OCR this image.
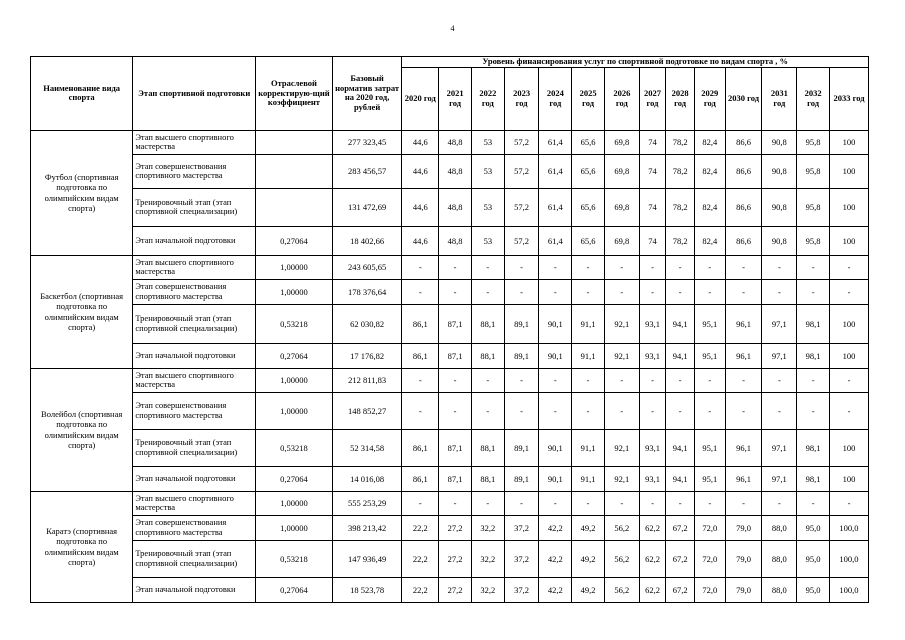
4
Наименование вида спорта	Этап спортивной подготовки	Отраслевой корректирую-щий коэффициент	Базовый норматив затрат на 2020 год, рублей	Уровень финансирования услуг по спортивной подготовке по видам спорта , %													
				2020 год	2021 год	2022 год	2023 год	2024 год	2025 год	2026 год	2027 год	2028 год	2029 год	2030 год	2031 год	2032 год	2033 год
Футбол (спортивная подготовка по олимпийским видам спорта)	Этап высшего спортивного мастерства		277 323,45	44,6	48,8	53	57,2	61,4	65,6	69,8	74	78,2	82,4	86,6	90,8	95,8	100
	Этап совершенствования спортивного мастерства		283 456,57	44,6	48,8	53	57,2	61,4	65,6	69,8	74	78,2	82,4	86,6	90,8	95,8	100
	Тренировочный этап (этап спортивной специализации)		131 472,69	44,6	48,8	53	57,2	61,4	65,6	69,8	74	78,2	82,4	86,6	90,8	95,8	100
	Этап начальной подготовки	0,27064	18 402,66	44,6	48,8	53	57,2	61,4	65,6	69,8	74	78,2	82,4	86,6	90,8	95,8	100
Баскетбол (спортивная подготовка по олимпийским видам спорта)	Этап высшего спортивного мастерства	1,00000	243 605,65	-	-	-	-	-	-	-	-	-	-	-	-	-	-
	Этап совершенствования спортивного мастерства	1,00000	178 376,64	-	-	-	-	-	-	-	-	-	-	-	-	-	-
	Тренировочный этап (этап спортивной специализации)	0,53218	62 030,82	86,1	87,1	88,1	89,1	90,1	91,1	92,1	93,1	94,1	95,1	96,1	97,1	98,1	100
	Этап начальной подготовки	0,27064	17 176,82	86,1	87,1	88,1	89,1	90,1	91,1	92,1	93,1	94,1	95,1	96,1	97,1	98,1	100
Волейбол (спортивная подготовка по олимпийским видам спорта)	Этап высшего спортивного мастерства	1,00000	212 811,83	-	-	-	-	-	-	-	-	-	-	-	-	-	-
	Этап совершенствования спортивного мастерства	1,00000	148 852,27	-	-	-	-	-	-	-	-	-	-	-	-	-	-
	Тренировочный этап (этап спортивной специализации)	0,53218	52 314,58	86,1	87,1	88,1	89,1	90,1	91,1	92,1	93,1	94,1	95,1	96,1	97,1	98,1	100
	Этап начальной подготовки	0,27064	14 016,08	86,1	87,1	88,1	89,1	90,1	91,1	92,1	93,1	94,1	95,1	96,1	97,1	98,1	100
Каратэ (спортивная подготовка по олимпийским видам спорта)	Этап высшего спортивного мастерства	1,00000	555 253,29	-	-	-	-	-	-	-	-	-	-	-	-	-	-
	Этап совершенствования спортивного мастерства	1,00000	398 213,42	22,2	27,2	32,2	37,2	42,2	49,2	56,2	62,2	67,2	72,0	79,0	88,0	95,0	100,0
	Тренировочный этап (этап спортивной специализации)	0,53218	147 936,49	22,2	27,2	32,2	37,2	42,2	49,2	56,2	62,2	67,2	72,0	79,0	88,0	95,0	100,0
	Этап начальной подготовки	0,27064	18 523,78	22,2	27,2	32,2	37,2	42,2	49,2	56,2	62,2	67,2	72,0	79,0	88,0	95,0	100,0
